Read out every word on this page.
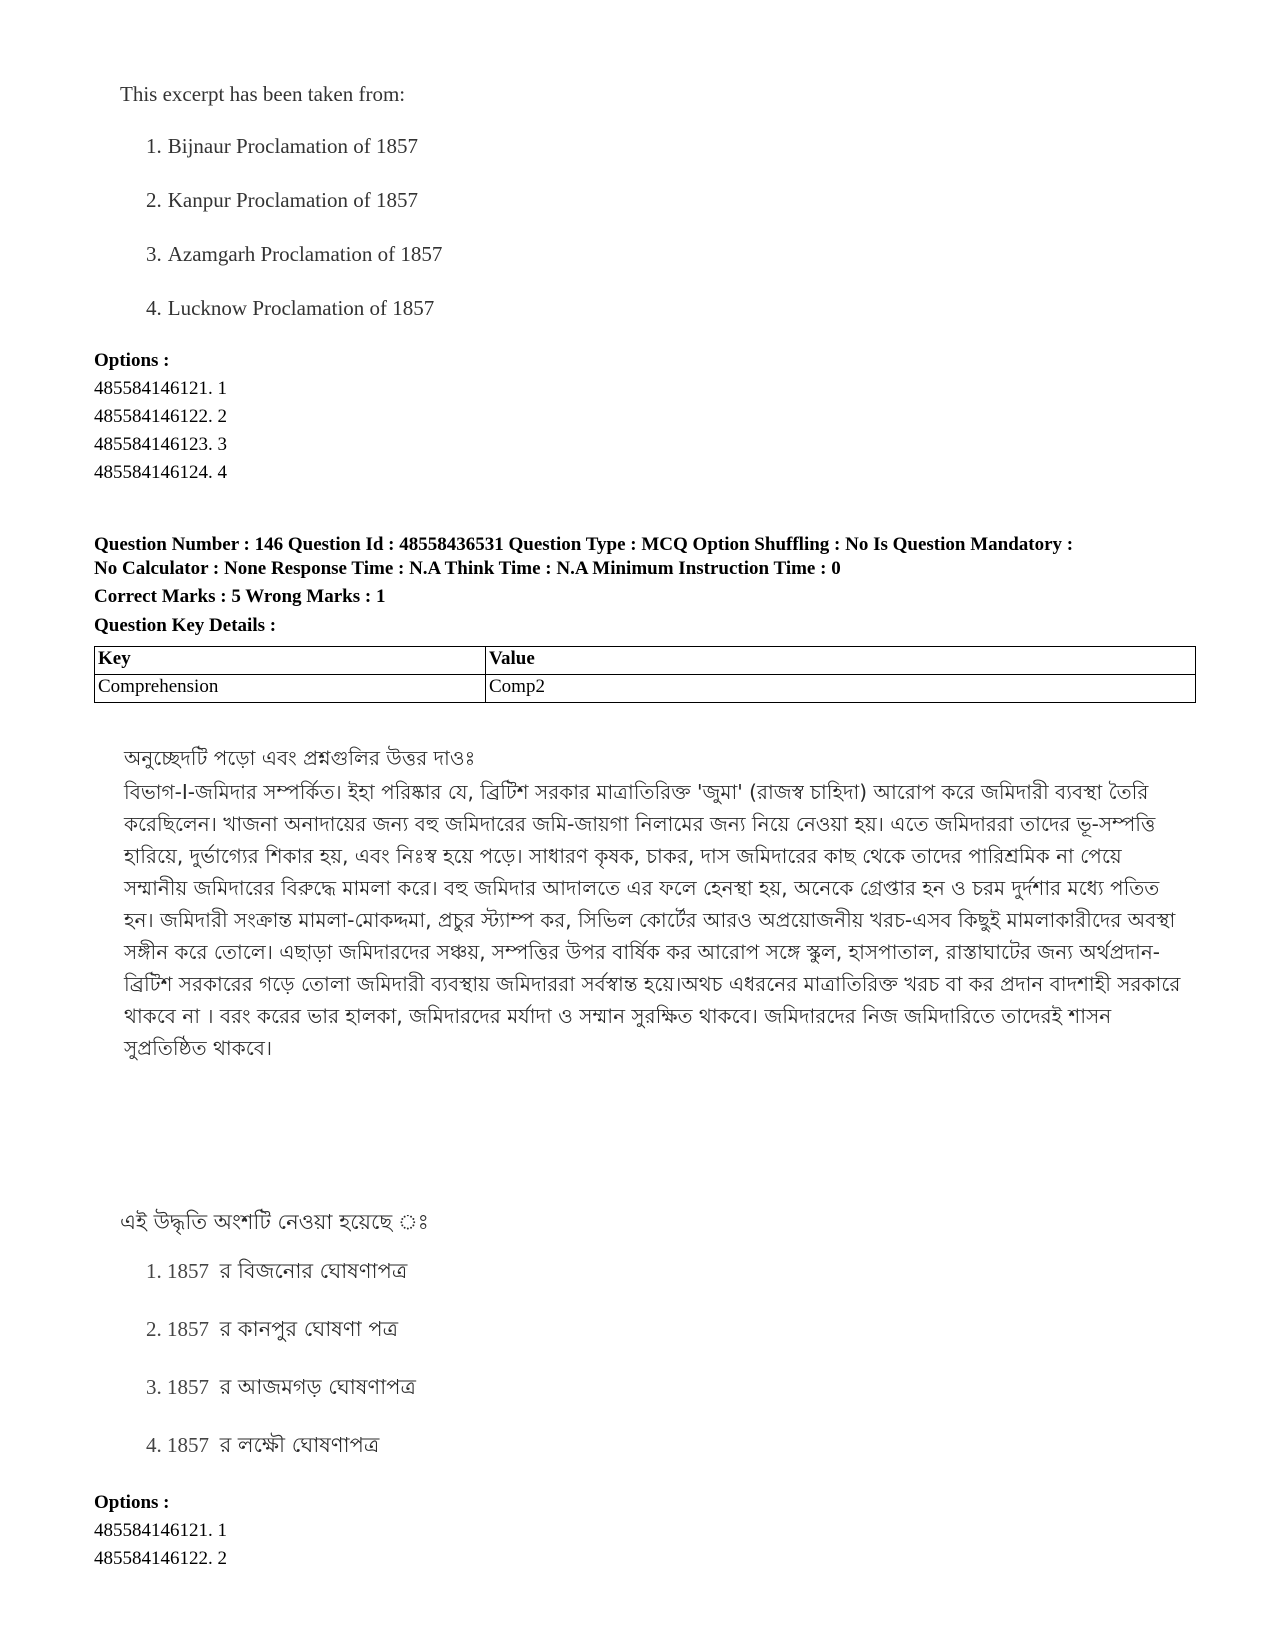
This excerpt has been taken from:
1. Bijnaur Proclamation of 1857
2. Kanpur Proclamation of 1857
3. Azamgarh Proclamation of 1857
4. Lucknow Proclamation of 1857
Options :
485584146121. 1
485584146122. 2
485584146123. 3
485584146124. 4
Question Number : 146 Question Id : 48558436531 Question Type : MCQ Option Shuffling : No Is Question Mandatory :
No Calculator : None Response Time : N.A Think Time : N.A Minimum Instruction Time : 0
Correct Marks : 5 Wrong Marks : 1
Question Key Details :
Key	Value
Comprehension	Comp2

অনুচ্ছেদটি পড়ো এবং প্রশ্নগুলির উত্তর দাওঃ

বিভাগ-I-জমিদার সম্পর্কিত। ইহা পরিষ্কার যে, ব্রিটিশ সরকার মাত্রাতিরিক্ত 'জুমা' (রাজস্ব চাহিদা) আরোপ করে জমিদারী ব্যবস্থা তৈরি করেছিলেন। খাজনা অনাদায়ের জন্য বহু জমিদারের জমি-জায়গা নিলামের জন্য নিয়ে নেওয়া হয়। এতে জমিদাররা তাদের ভূ-সম্পত্তি হারিয়ে, দুর্ভাগ্যের শিকার হয়, এবং নিঃস্ব হয়ে পড়ে। সাধারণ কৃষক, চাকর, দাস জমিদারের কাছ থেকে তাদের পারিশ্রমিক না পেয়ে সম্মানীয় জমিদারের বিরুদ্ধে মামলা করে। বহু জমিদার আদালতে এর ফলে হেনস্থা হয়, অনেকে গ্রেপ্তার হন ও চরম দুর্দশার মধ্যে পতিত হন। জমিদারী সংক্রান্ত মামলা-মোকদ্দমা, প্রচুর স্ট্যাম্প কর, সিভিল কোর্টের আরও অপ্রয়োজনীয় খরচ-এসব কিছুই মামলাকারীদের অবস্থা সঙ্গীন করে তোলে। এছাড়া জমিদারদের সঞ্চয়, সম্পত্তির উপর বার্ষিক কর আরোপ সঙ্গে স্কুল, হাসপাতাল, রাস্তাঘাটের জন্য অর্থপ্রদান-ব্রিটিশ সরকারের গড়ে তোলা জমিদারী ব্যবস্থায় জমিদাররা সর্বস্বান্ত হয়ে।অথচ এধরনের মাত্রাতিরিক্ত খরচ বা কর প্রদান বাদশাহী সরকারে থাকবে না । বরং করের ভার হালকা, জমিদারদের মর্যাদা ও সম্মান সুরক্ষিত থাকবে। জমিদারদের নিজ জমিদারিতে তাদেরই শাসন সুপ্রতিষ্ঠিত থাকবে।

এই উদ্ধৃতি অংশটি নেওয়া হয়েছে ঃ
1. 1857 র বিজনোর ঘোষণাপত্র
2. 1857 র কানপুর ঘোষণা পত্র
3. 1857 র আজমগড় ঘোষণাপত্র
4. 1857 র লক্ষৌ ঘোষণাপত্র
Options :
485584146121. 1
485584146122. 2
